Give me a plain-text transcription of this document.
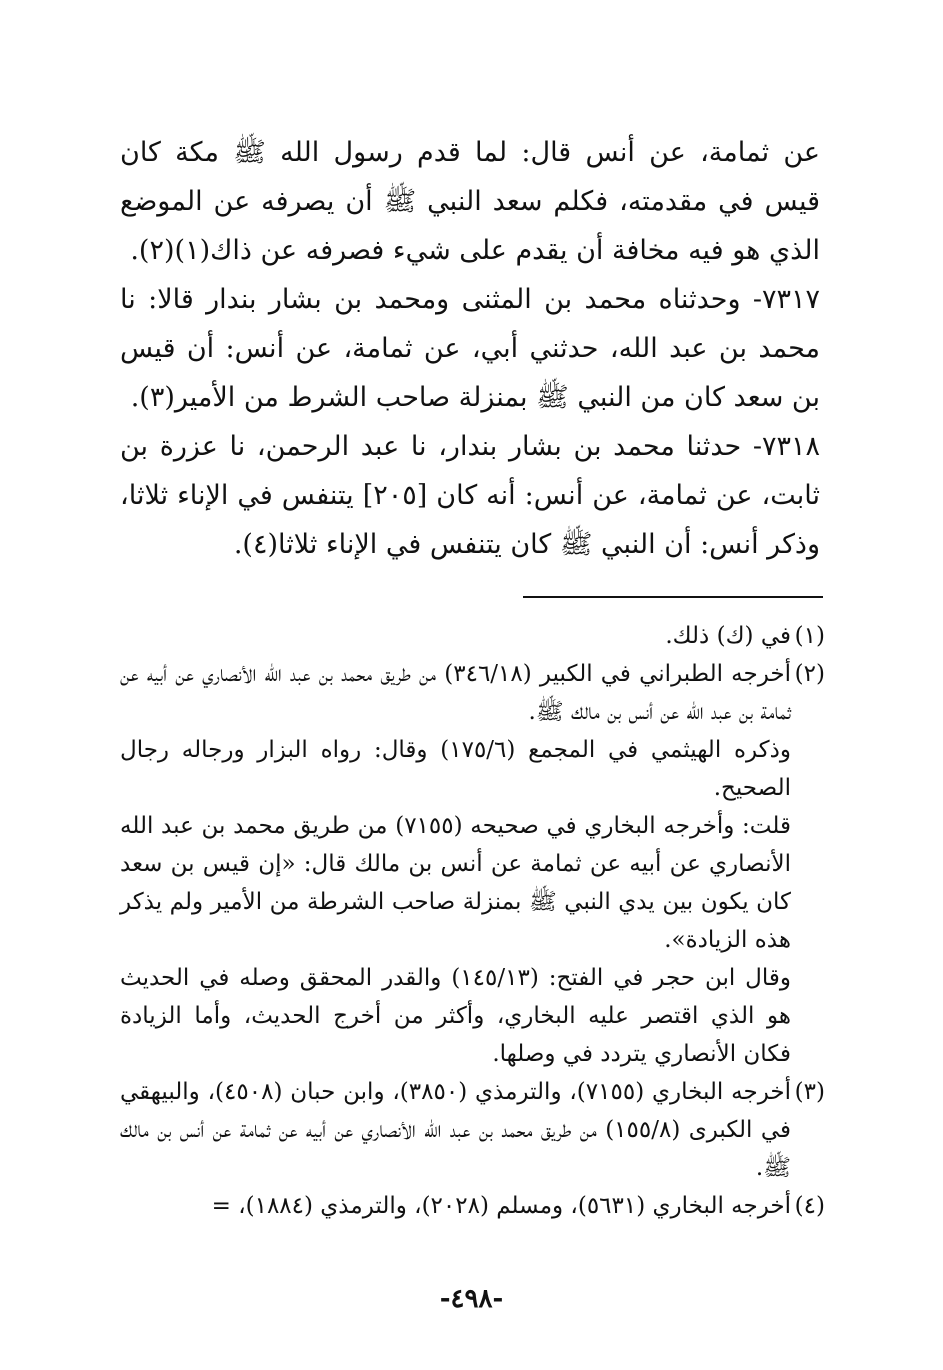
عن ثمامة، عن أنس قال: لما قدم رسول الله ﷺ مكة كان قيس في مقدمته، فكلم سعد النبي ﷺ أن يصرفه عن الموضع الذي هو فيه مخافة أن يقدم على شيء فصرفه عن ذاك(١)(٢).

٧٣١٧- وحدثناه محمد بن المثنى ومحمد بن بشار بندار قالا: نا محمد بن عبد الله، حدثني أبي، عن ثمامة، عن أنس: أن قيس بن سعد كان من النبي ﷺ بمنزلة صاحب الشرط من الأمير(٣).

٧٣١٨- حدثنا محمد بن بشار بندار، نا عبد الرحمن، نا عزرة بن ثابت، عن ثمامة، عن أنس: أنه كان [٢٠٥] يتنفس في الإناء ثلاثا، وذكر أنس: أن النبي ﷺ كان يتنفس في الإناء ثلاثا(٤).

(١)

في (ك) ذلك.

(٢)

أخرجه الطبراني في الكبير (٣٤٦/١٨) من طريق محمد بن عبد الله الأنصاري عن أبيه عن ثمامة بن عبد الله عن أنس بن مالك ﷺ.

وذكره الهيثمي في المجمع (١٧٥/٦) وقال: رواه البزار ورجاله رجال الصحيح.

قلت: وأخرجه البخاري في صحيحه (٧١٥٥) من طريق محمد بن عبد الله الأنصاري عن أبيه عن ثمامة عن أنس بن مالك قال: «إن قيس بن سعد كان يكون بين يدي النبي ﷺ بمنزلة صاحب الشرطة من الأمير ولم يذكر هذه الزيادة».

وقال ابن حجر في الفتح: (١٤٥/١٣) والقدر المحقق وصله في الحديث هو الذي اقتصر عليه البخاري، وأكثر من أخرج الحديث، وأما الزيادة فكان الأنصاري يتردد في وصلها.

(٣)

أخرجه البخاري (٧١٥٥)، والترمذي (٣٨٥٠)، وابن حبان (٤٥٠٨)، والبيهقي في الكبرى (١٥٥/٨) من طريق محمد بن عبد الله الأنصاري عن أبيه عن ثمامة عن أنس بن مالك ﷺ.

(٤)

أخرجه البخاري (٥٦٣١)، ومسلم (٢٠٢٨)، والترمذي (١٨٨٤)، =

-٤٩٨-
